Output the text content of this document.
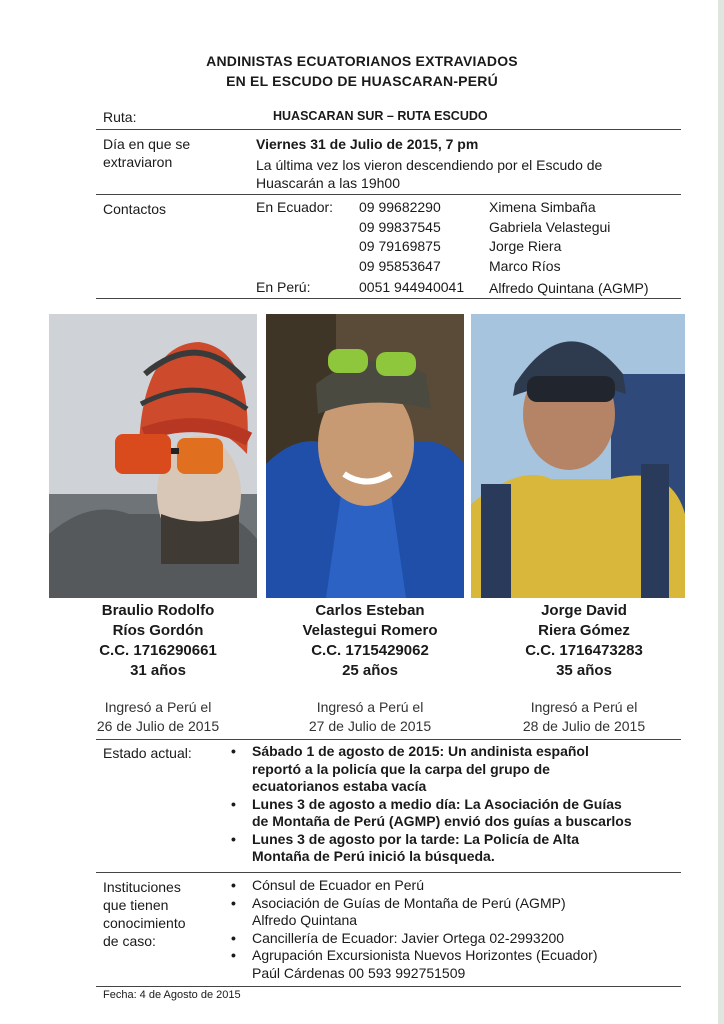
ANDINISTAS ECUATORIANOS EXTRAVIADOS
EN EL ESCUDO DE HUASCARAN-PERÚ
Ruta:	HUASCARAN SUR – RUTA ESCUDO
Día en que se
extraviaron
Viernes 31 de Julio de 2015, 7 pm
La última vez los vieron descendiendo por el Escudo de
Huascarán a las 19h00
Contactos	En Ecuador: 09 99682290	Ximena Simbaña
09 99837545	Gabriela Velastegui
09 79169875	Jorge Riera
09 95853647	Marco Ríos
En Perú:	0051 944940041 Alfredo Quintana (AGMP)
Braulio Rodolfo
Ríos Gordón
C.C. 1716290661
31 años
Ingresó a Perú el
26 de Julio de 2015
Carlos Esteban
Velastegui Romero
C.C. 1715429062
25 años
Ingresó a Perú el
27 de Julio de 2015
Jorge David
Riera Gómez
C.C. 1716473283
35 años
Ingresó a Perú el
28 de Julio de 2015
Estado actual:
•	Sábado 1 de agosto de 2015: Un andinista español
reportó a la policía que la carpa del grupo de
ecuatorianos estaba vacía
• Lunes 3 de agosto a medio día: La Asociación de Guías
de Montaña de Perú (AGMP) envió dos guías a buscarlos
• Lunes 3 de agosto por la tarde: La Policía de Alta
Montaña de Perú inició la búsqueda.
Instituciones
que tienen
conocimiento
de caso:
• Cónsul de Ecuador en Perú
• Asociación de Guías de Montaña de Perú (AGMP)
Alfredo Quintana
• Cancillería de Ecuador: Javier Ortega 02-2993200
• Agrupación Excursionista Nuevos Horizontes (Ecuador)
Paúl Cárdenas 00 593 992751509
Fecha: 4 de Agosto de 2015
